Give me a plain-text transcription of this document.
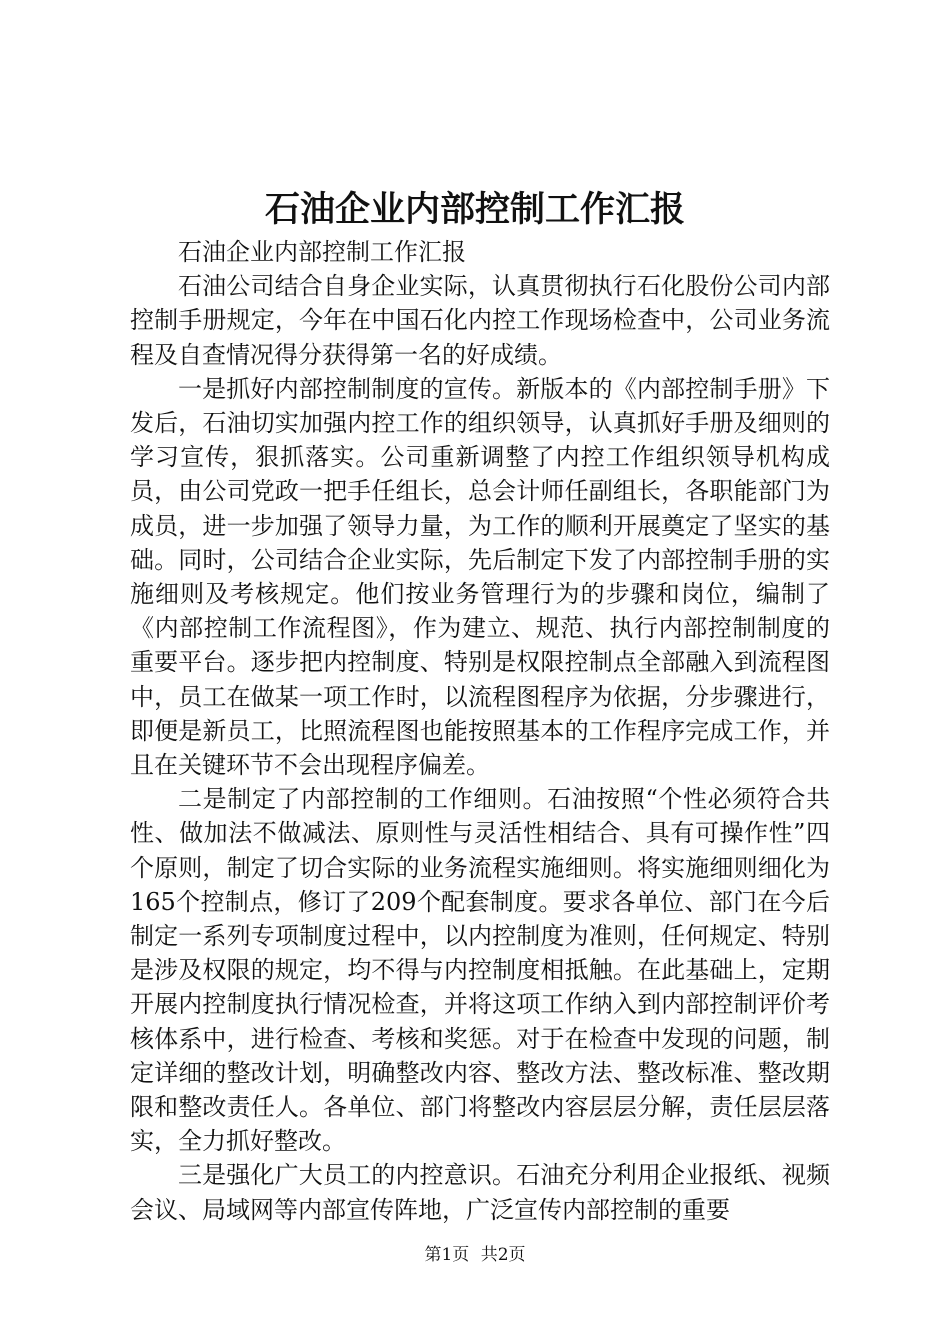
石油企业内部控制工作汇报

石油企业内部控制工作汇报

石油公司结合自身企业实际，认真贯彻执行石化股份公司内部控制手册规定，今年在中国石化内控工作现场检查中，公司业务流程及自查情况得分获得第一名的好成绩。

一是抓好内部控制制度的宣传。新版本的《内部控制手册》下发后，石油切实加强内控工作的组织领导，认真抓好手册及细则的学习宣传，狠抓落实。公司重新调整了内控工作组织领导机构成员，由公司党政一把手任组长，总会计师任副组长，各职能部门为成员，进一步加强了领导力量，为工作的顺利开展奠定了坚实的基础。同时，公司结合企业实际，先后制定下发了内部控制手册的实施细则及考核规定。他们按业务管理行为的步骤和岗位，编制了《内部控制工作流程图》，作为建立、规范、执行内部控制制度的重要平台。逐步把内控制度、特别是权限控制点全部融入到流程图中，员工在做某一项工作时，以流程图程序为依据，分步骤进行，即便是新员工，比照流程图也能按照基本的工作程序完成工作，并且在关键环节不会出现程序偏差。

二是制定了内部控制的工作细则。石油按照“个性必须符合共性、做加法不做减法、原则性与灵活性相结合、具有可操作性”四个原则，制定了切合实际的业务流程实施细则。将实施细则细化为165个控制点，修订了209个配套制度。要求各单位、部门在今后制定一系列专项制度过程中，以内控制度为准则，任何规定、特别是涉及权限的规定，均不得与内控制度相抵触。在此基础上，定期开展内控制度执行情况检查，并将这项工作纳入到内部控制评价考核体系中，进行检查、考核和奖惩。对于在检查中发现的问题，制定详细的整改计划，明确整改内容、整改方法、整改标准、整改期限和整改责任人。各单位、部门将整改内容层层分解，责任层层落实，全力抓好整改。

三是强化广大员工的内控意识。石油充分利用企业报纸、视频会议、局域网等内部宣传阵地，广泛宣传内部控制的重要

第1页 共2页
